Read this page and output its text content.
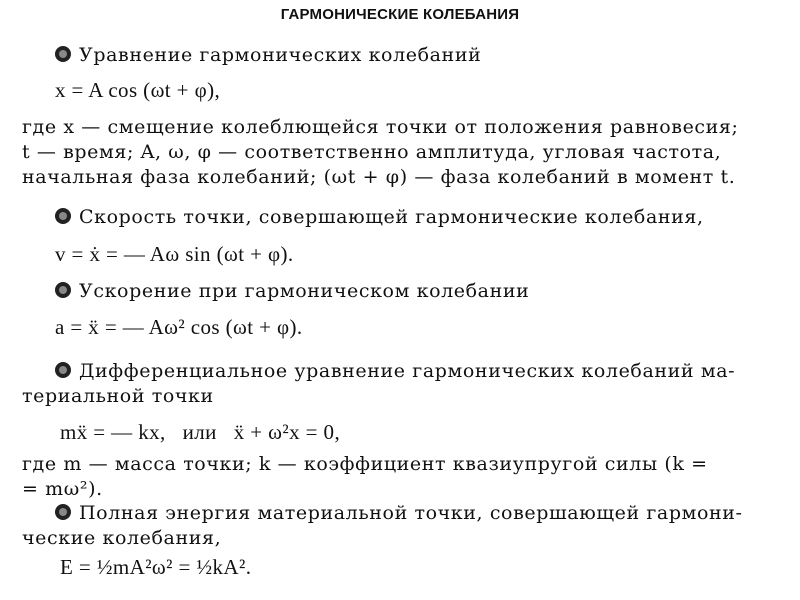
ГАРМОНИЧЕСКИЕ КОЛЕБАНИЯ
Уравнение гармонических колебаний
x = A cos (ωt + φ),
где x — смещение колеблющейся точки от положения равновесия;
t — время; A, ω, φ — соответственно амплитуда, угловая частота,
начальная фаза колебаний; (ωt + φ) — фаза колебаний в момент t.
Скорость точки, совершающей гармонические колебания,
v = ẋ = — Aω sin (ωt + φ).
Ускорение при гармоническом колебании
a = ẍ = — Aω² cos (ωt + φ).
Дифференциальное уравнение гармонических колебаний ма-
териальной точки
mẍ = — kx,   или   ẍ + ω²x = 0,
где m — масса точки; k — коэффициент квазиупругой силы (k =
= mω²).
Полная энергия материальной точки, совершающей гармони-
ческие колебания,
E = ½mA²ω² = ½kA².
